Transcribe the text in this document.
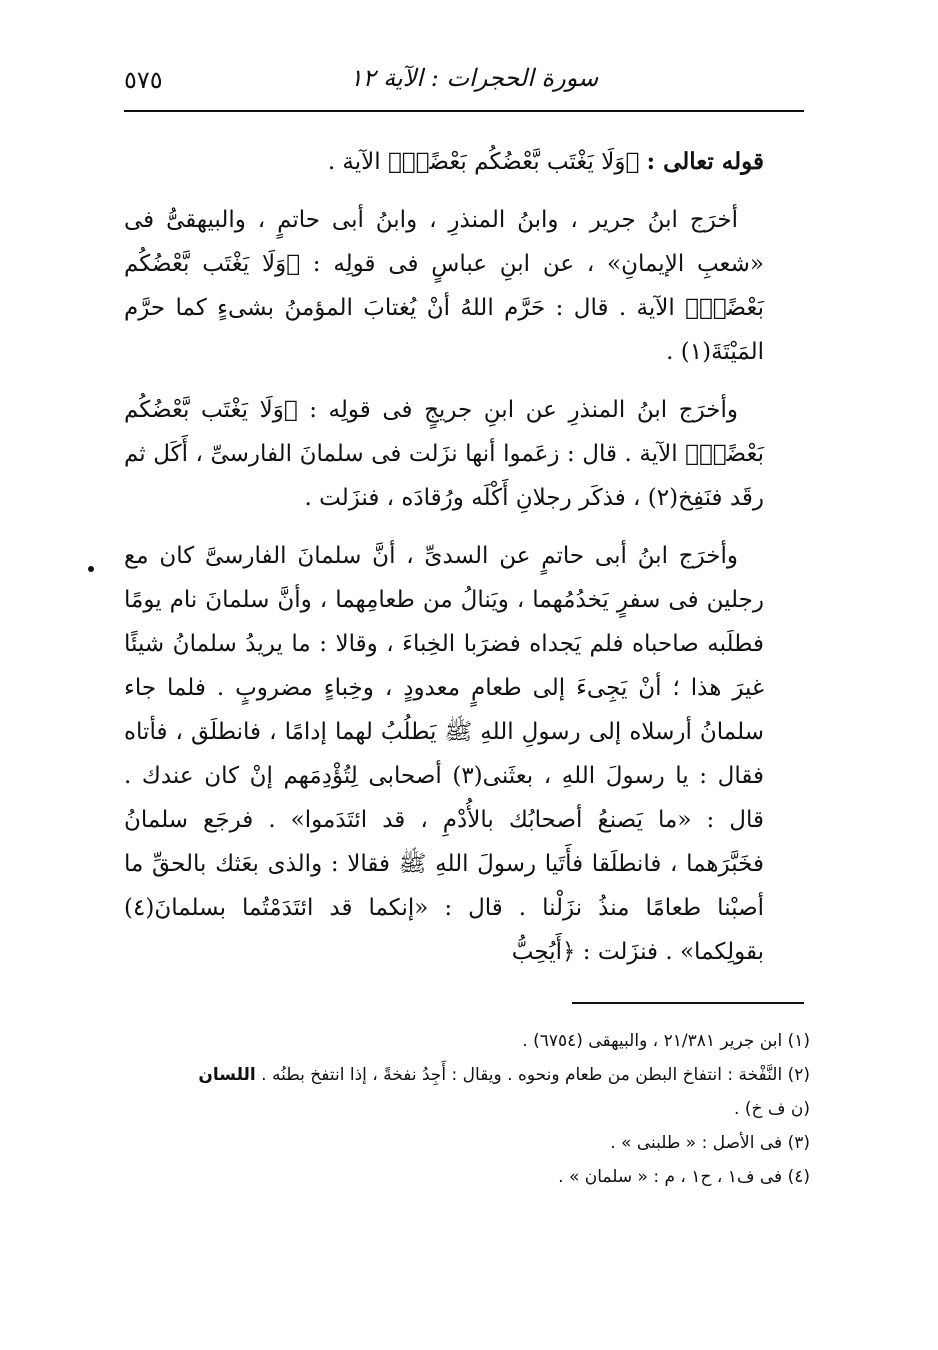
٥٧٥	سورة الحجرات : الآية ١٢

قوله تعالى : ﴿وَلَا يَغْتَب بَّعْضُكُم بَعْضًاۚ﴾ الآية .

أخرَج ابنُ جرير ، وابنُ المنذرِ ، وابنُ أبى حاتمٍ ، والبيهقىُّ فى «شعبِ الإيمانِ» ، عن ابنِ عباسٍ فى قولِه : ﴿وَلَا يَغْتَب بَّعْضُكُم بَعْضًاۚ﴾ الآية . قال : حَرَّم اللهُ أنْ يُغتابَ المؤمنُ بشىءٍ كما حرَّم المَيْتَةَ(١) .

وأخرَج ابنُ المنذرِ عن ابنِ جريجٍ فى قولِه : ﴿وَلَا يَغْتَب بَّعْضُكُم بَعْضًاۚ﴾ الآية . قال : زعَموا أنها نزَلت فى سلمانَ الفارسىِّ ، أَكَل ثم رقَد فنَفِخ(٢) ، فذكَر رجلانِ أَكْلَه ورُقادَه ، فنزَلت .

وأخرَج ابنُ أبى حاتمٍ عن السدىِّ ، أنَّ سلمانَ الفارسىَّ كان مع رجلين فى سفرٍ يَخدُمُهما ، ويَنالُ من طعامِهما ، وأنَّ سلمانَ نام يومًا فطلَبه صاحباه فلم يَجداه فضرَبا الخِباءَ ، وقالا : ما يريدُ سلمانُ شيئًا غيرَ هذا ؛ أنْ يَجِىءَ إلى طعامٍ معدودٍ ، وخِباءٍ مضروبٍ . فلما جاء سلمانُ أرسلاه إلى رسولِ اللهِ ﷺ يَطلُبُ لهما إدامًا ، فانطلَق ، فأتاه فقال : يا رسولَ اللهِ ، بعثَنى(٣) أصحابى لِتُؤْدِمَهم إنْ كان عندك . قال : «ما يَصنعُ أصحابُك بالأُدْمِ ، قد ائتَدَموا» . فرجَع سلمانُ فخَبَّرَهما ، فانطلَقا فأَتَيا رسولَ اللهِ ﷺ فقالا : والذى بعَثك بالحقِّ ما أصبْنا طعامًا منذُ نزَلْنا . قال : «إنكما قد ائتَدَمْتُما بسلمانَ(٤) بقولِكما» . فنزَلت : ﴿أَيُحِبُّ

(١) ابن جرير ٢١/٣٨١ ، والبيهقى (٦٧٥٤) .

(٢) النَّفْخة : انتفاخ البطن من طعام ونحوه . ويقال : أَجِدُ نفخةً ، إذا انتفخ بطنُه . اللسان
(ن ف خ) .

(٣) فى الأصل : « طلبنى » .

(٤) فى ف١ ، ح١ ، م : « سلمان » .
